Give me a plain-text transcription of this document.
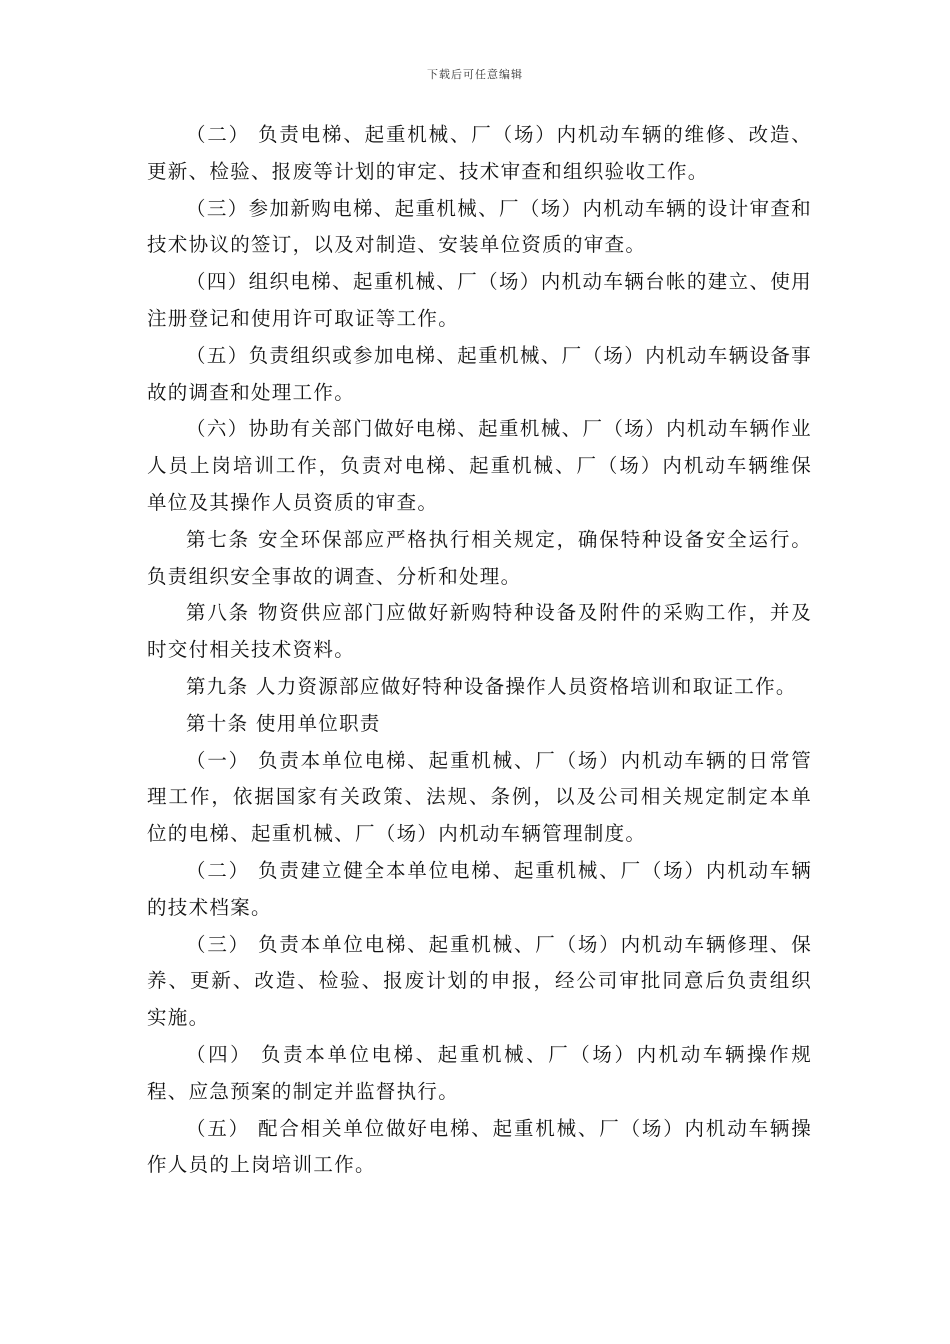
下载后可任意编辑

（二） 负责电梯、起重机械、厂（场）内机动车辆的维修、改造、更新、检验、报废等计划的审定、技术审查和组织验收工作。

（三）参加新购电梯、起重机械、厂（场）内机动车辆的设计审查和技术协议的签订，以及对制造、安装单位资质的审查。

（四）组织电梯、起重机械、厂（场）内机动车辆台帐的建立、使用注册登记和使用许可取证等工作。

（五）负责组织或参加电梯、起重机械、厂（场）内机动车辆设备事故的调查和处理工作。

（六）协助有关部门做好电梯、起重机械、厂（场）内机动车辆作业人员上岗培训工作，负责对电梯、起重机械、厂（场）内机动车辆维保单位及其操作人员资质的审查。

第七条 安全环保部应严格执行相关规定，确保特种设备安全运行。负责组织安全事故的调查、分析和处理。

第八条 物资供应部门应做好新购特种设备及附件的采购工作，并及时交付相关技术资料。

第九条 人力资源部应做好特种设备操作人员资格培训和取证工作。

第十条 使用单位职责

（一） 负责本单位电梯、起重机械、厂（场）内机动车辆的日常管理工作，依据国家有关政策、法规、条例，以及公司相关规定制定本单位的电梯、起重机械、厂（场）内机动车辆管理制度。

（二） 负责建立健全本单位电梯、起重机械、厂（场）内机动车辆的技术档案。

（三） 负责本单位电梯、起重机械、厂（场）内机动车辆修理、保养、更新、改造、检验、报废计划的申报，经公司审批同意后负责组织实施。

（四） 负责本单位电梯、起重机械、厂（场）内机动车辆操作规程、应急预案的制定并监督执行。

（五） 配合相关单位做好电梯、起重机械、厂（场）内机动车辆操作人员的上岗培训工作。
